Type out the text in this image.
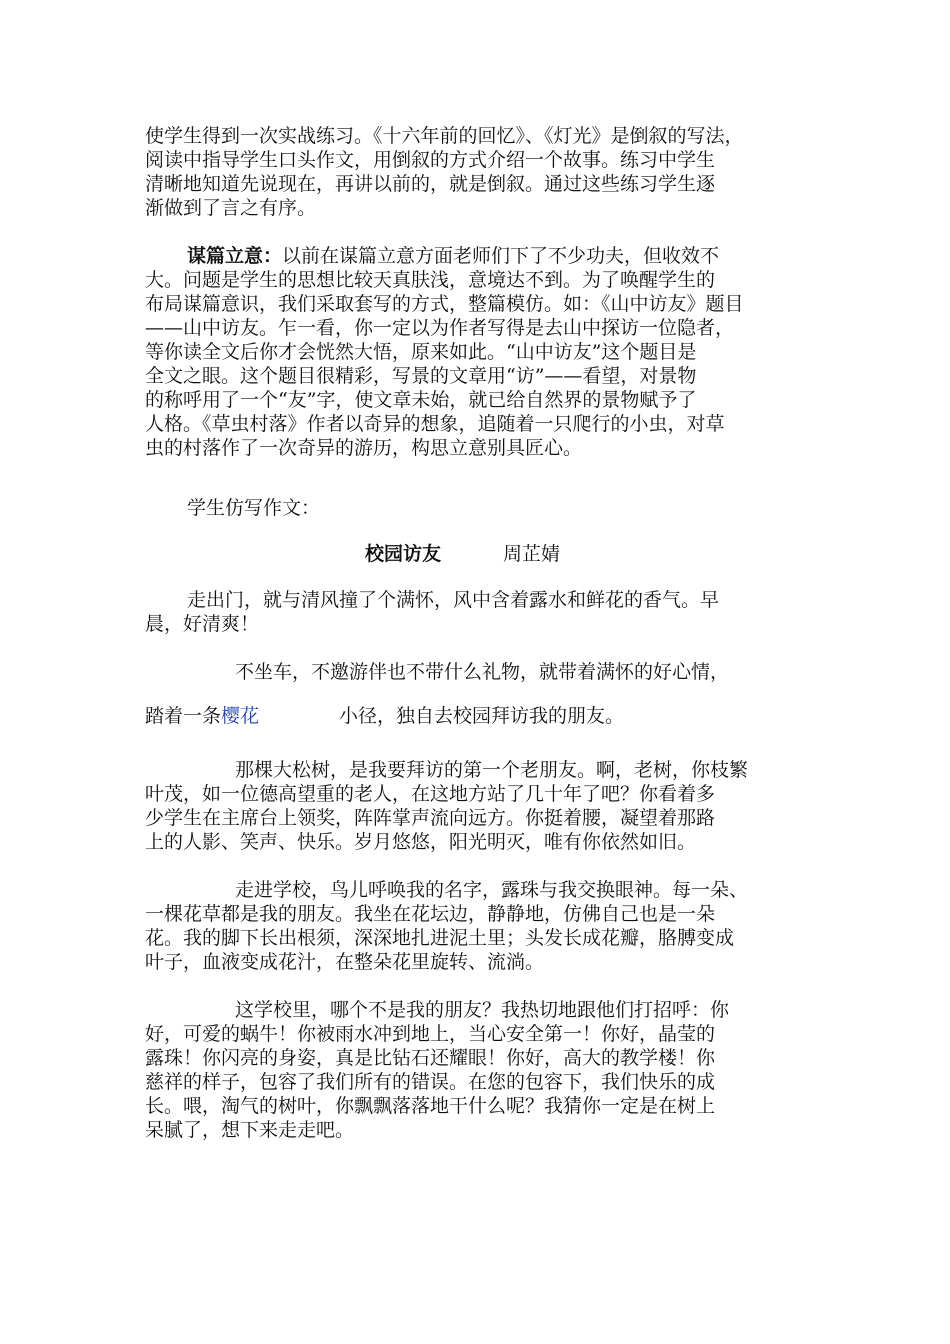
使学生得到一次实战练习。《十六年前的回忆》、《灯光》是倒叙的写法，
阅读中指导学生口头作文，用倒叙的方式介绍一个故事。练习中学生
清晰地知道先说现在，再讲以前的，就是倒叙。通过这些练习学生逐
渐做到了言之有序。
谋篇立意：以前在谋篇立意方面老师们下了不少功夫，但收效不
大。问题是学生的思想比较天真肤浅，意境达不到。为了唤醒学生的
布局谋篇意识，我们采取套写的方式，整篇模仿。如：《山中访友》题目
——山中访友。乍一看，你一定以为作者写得是去山中探访一位隐者，
等你读全文后你才会恍然大悟，原来如此。“山中访友”这个题目是
全文之眼。这个题目很精彩，写景的文章用“访”——看望，对景物
的称呼用了一个“友”字，使文章未始，就已给自然界的景物赋予了
人格。《草虫村落》作者以奇异的想象，追随着一只爬行的小虫，对草
虫的村落作了一次奇异的游历，构思立意别具匠心。
学生仿写作文：
校园访友	周芷婧
走出门，就与清风撞了个满怀，风中含着露水和鲜花的香气。早
晨，好清爽！
不坐车，不邀游伴也不带什么礼物，就带着满怀的好心情，
踏着一条樱花	小径，独自去校园拜访我的朋友。
那棵大松树，是我要拜访的第一个老朋友。啊，老树，你枝繁
叶茂，如一位德高望重的老人，在这地方站了几十年了吧？你看着多
少学生在主席台上领奖，阵阵掌声流向远方。你挺着腰，凝望着那路
上的人影、笑声、快乐。岁月悠悠，阳光明灭，唯有你依然如旧。
走进学校，鸟儿呼唤我的名字，露珠与我交换眼神。每一朵、
一棵花草都是我的朋友。我坐在花坛边，静静地，仿佛自己也是一朵
花。我的脚下长出根须，深深地扎进泥土里；头发长成花瓣，胳膊变成
叶子，血液变成花汁，在整朵花里旋转、流淌。
这学校里，哪个不是我的朋友？我热切地跟他们打招呼：你
好，可爱的蜗牛！你被雨水冲到地上，当心安全第一！你好，晶莹的
露珠！你闪亮的身姿，真是比钻石还耀眼！你好，高大的教学楼！你
慈祥的样子，包容了我们所有的错误。在您的包容下，我们快乐的成
长。喂，淘气的树叶，你飘飘落落地干什么呢？我猜你一定是在树上
呆腻了，想下来走走吧。
